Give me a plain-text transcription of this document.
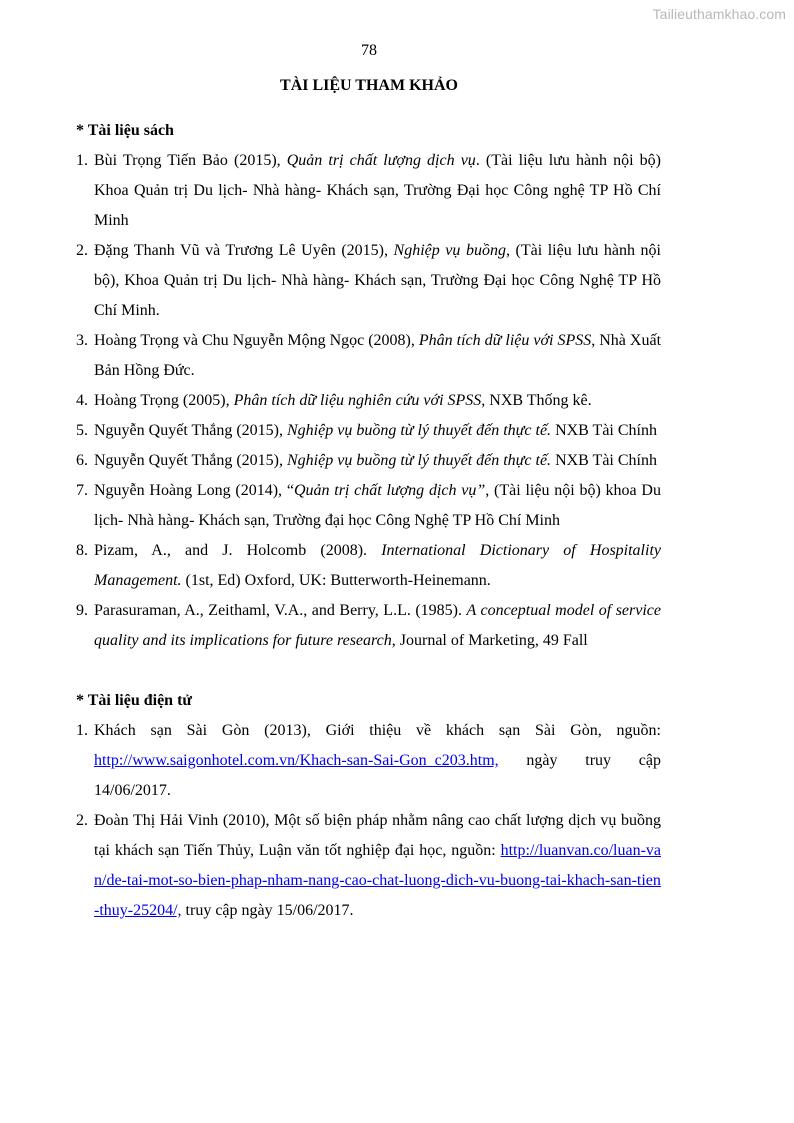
Tailieuthamkhao.com
78
TÀI LIỆU THAM KHẢO
* Tài liệu sách
1. Bùi Trọng Tiến Bảo (2015), Quản trị chất lượng dịch vụ. (Tài liệu lưu hành nội bộ) Khoa Quản trị Du lịch- Nhà hàng- Khách sạn, Trường Đại học Công nghệ TP Hồ Chí Minh
2. Đặng Thanh Vũ và Trương Lê Uyên (2015), Nghiệp vụ buồng, (Tài liệu lưu hành nội bộ), Khoa Quản trị Du lịch- Nhà hàng- Khách sạn, Trường Đại học Công Nghệ TP Hồ Chí Minh.
3. Hoàng Trọng và Chu Nguyễn Mộng Ngọc (2008), Phân tích dữ liệu với SPSS, Nhà Xuất Bản Hồng Đức.
4. Hoàng Trọng (2005), Phân tích dữ liệu nghiên cứu với SPSS, NXB Thống kê.
5. Nguyễn Quyết Thắng (2015), Nghiệp vụ buồng từ lý thuyết đến thực tế. NXB Tài Chính
6. Nguyễn Quyết Thắng (2015), Nghiệp vụ buồng từ lý thuyết đến thực tế. NXB Tài Chính
7. Nguyễn Hoàng Long (2014), “Quản trị chất lượng dịch vụ”, (Tài liệu nội bộ) khoa Du lịch- Nhà hàng- Khách sạn, Trường đại học Công Nghệ TP Hồ Chí Minh
8. Pizam, A., and J. Holcomb (2008). International Dictionary of Hospitality Management. (1st, Ed) Oxford, UK: Butterworth-Heinemann.
9. Parasuraman, A., Zeithaml, V.A., and Berry, L.L. (1985). A conceptual model of service quality and its implications for future research, Journal of Marketing, 49 Fall
* Tài liệu điện tử
1. Khách sạn Sài Gòn (2013), Giới thiệu về khách sạn Sài Gòn, nguồn: http://www.saigonhotel.com.vn/Khach-san-Sai-Gon_c203.htm, ngày truy cập 14/06/2017.
2. Đoàn Thị Hải Vinh (2010), Một số biện pháp nhằm nâng cao chất lượng dịch vụ buồng tại khách sạn Tiến Thủy, Luận văn tốt nghiệp đại học, nguồn: http://luanvan.co/luan-van/de-tai-mot-so-bien-phap-nham-nang-cao-chat-luong-dich-vu-buong-tai-khach-san-tien-thuy-25204/, truy cập ngày 15/06/2017.
